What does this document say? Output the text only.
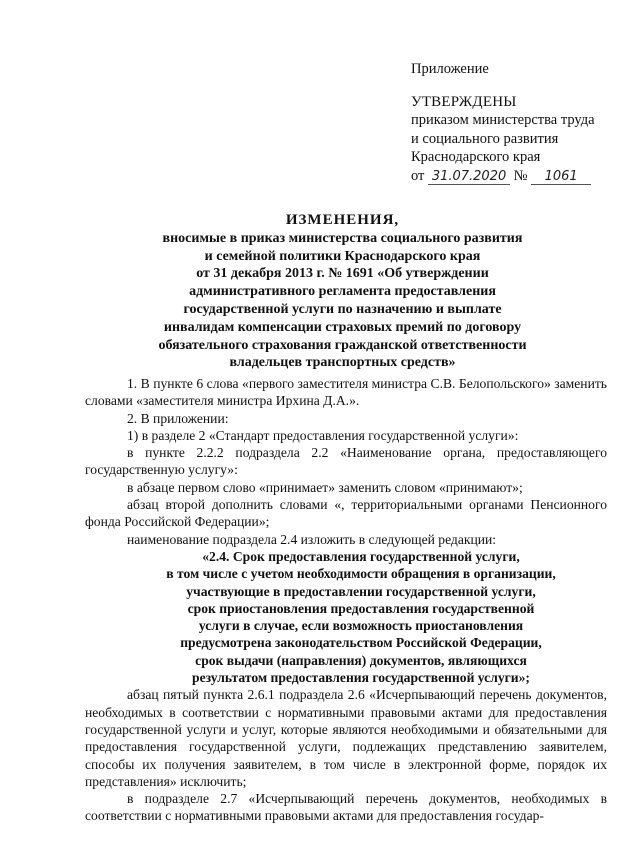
Приложение
УТВЕРЖДЕНЫ
приказом министерства труда
и социального развития
Краснодарского края
от 31.07.2020 № 1061
ИЗМЕНЕНИЯ,
вносимые в приказ министерства социального развития
и семейной политики Краснодарского края
от 31 декабря 2013 г. № 1691 «Об утверждении
административного регламента предоставления
государственной услуги по назначению и выплате
инвалидам компенсации страховых премий по договору
обязательного страхования гражданской ответственности
владельцев транспортных средств»

1. В пункте 6 слова «первого заместителя министра С.В. Белопольского» заменить словами «заместителя министра Ирхина Д.А.».

2. В приложении:

1) в разделе 2 «Стандарт предоставления государственной услуги»:

в пункте 2.2.2 подраздела 2.2 «Наименование органа, предоставляющего государственную услугу»:

в абзаце первом слово «принимает» заменить словом «принимают»;

абзац второй дополнить словами «, территориальными органами Пенсионного фонда Российской Федерации»;

наименование подраздела 2.4 изложить в следующей редакции:

«2.4. Срок предоставления государственной услуги,
в том числе с учетом необходимости обращения в организации,
участвующие в предоставлении государственной услуги,
срок приостановления предоставления государственной
услуги в случае, если возможность приостановления
предусмотрена законодательством Российской Федерации,
срок выдачи (направления) документов, являющихся
результатом предоставления государственной услуги»;

абзац пятый пункта 2.6.1 подраздела 2.6 «Исчерпывающий перечень документов, необходимых в соответствии с нормативными правовыми актами для предоставления государственной услуги и услуг, которые являются необходимыми и обязательными для предоставления государственной услуги, подлежащих представлению заявителем, способы их получения заявителем, в том числе в электронной форме, порядок их представления» исключить;

в подразделе 2.7 «Исчерпывающий перечень документов, необходимых в соответствии с нормативными правовыми актами для предоставления государ-
